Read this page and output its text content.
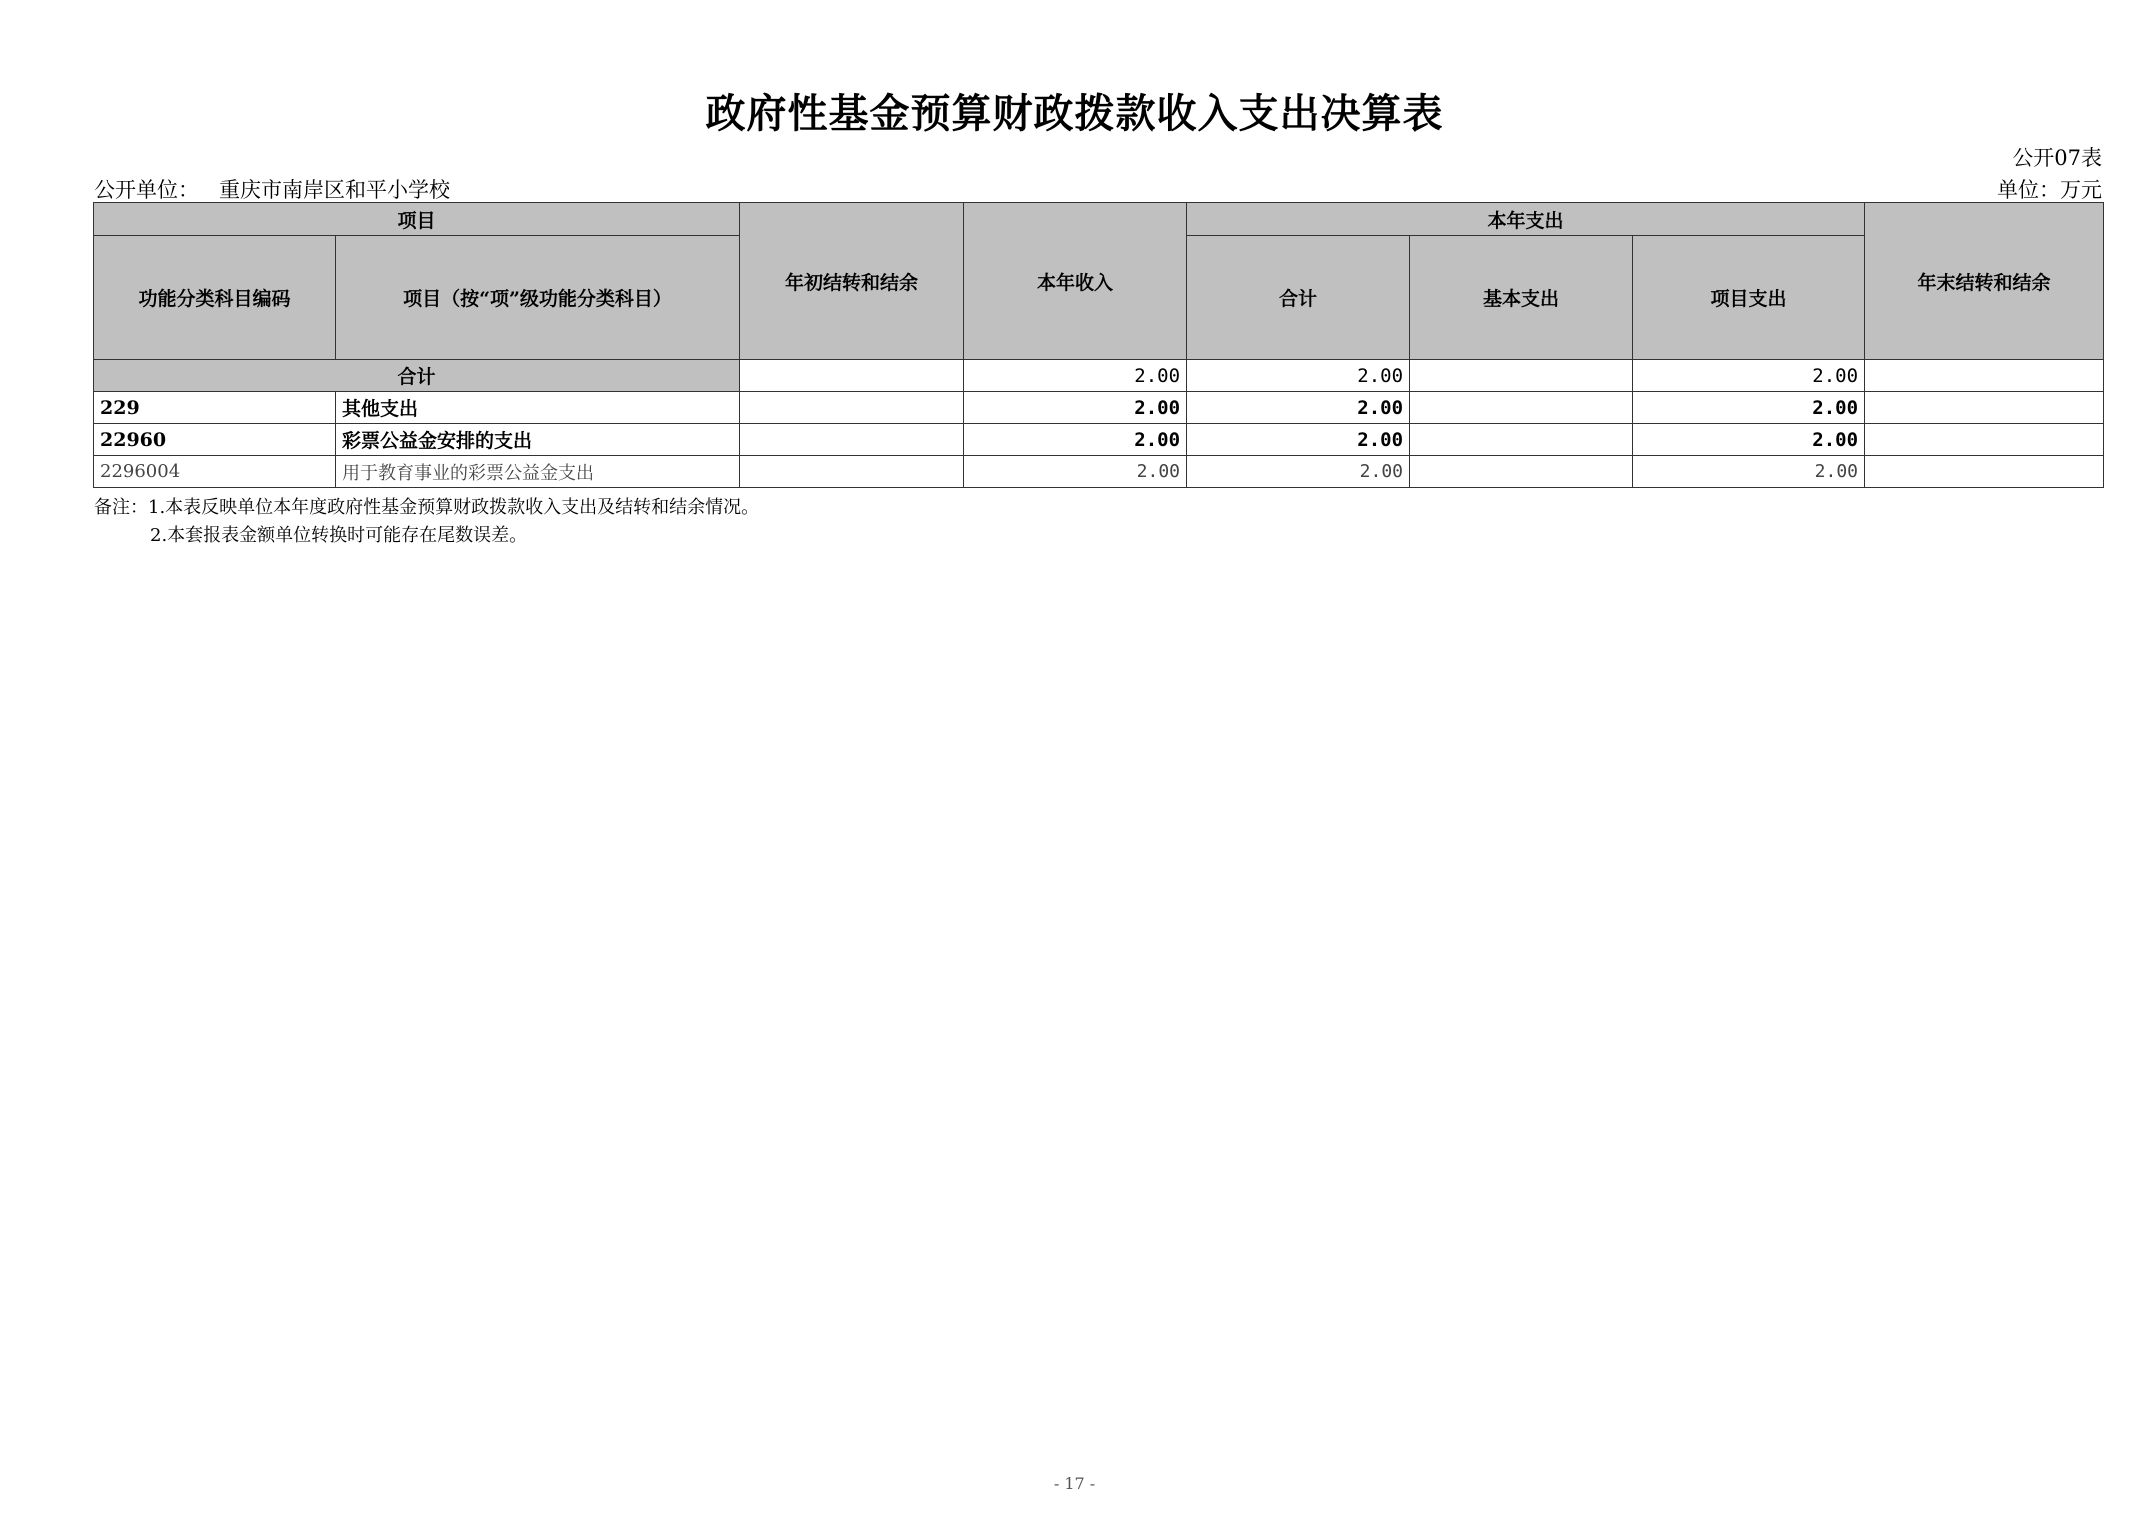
政府性基金预算财政拨款收入支出决算表
公开07表
公开单位： 重庆市南岸区和平小学校	单位：万元
项目		年初结转和结余	本年收入	本年支出			年末结转和结余
功能分类科目编码	项目（按“项”级功能分类科目）			合计	基本支出	项目支出	
合计			2.00	2.00		2.00	
229	其他支出		2.00	2.00		2.00	
22960	彩票公益金安排的支出		2.00	2.00		2.00	
2296004	用于教育事业的彩票公益金支出		2.00	2.00		2.00	
备注：1.本表反映单位本年度政府性基金预算财政拨款收入支出及结转和结余情况。
2.本套报表金额单位转换时可能存在尾数误差。
- 17 -
